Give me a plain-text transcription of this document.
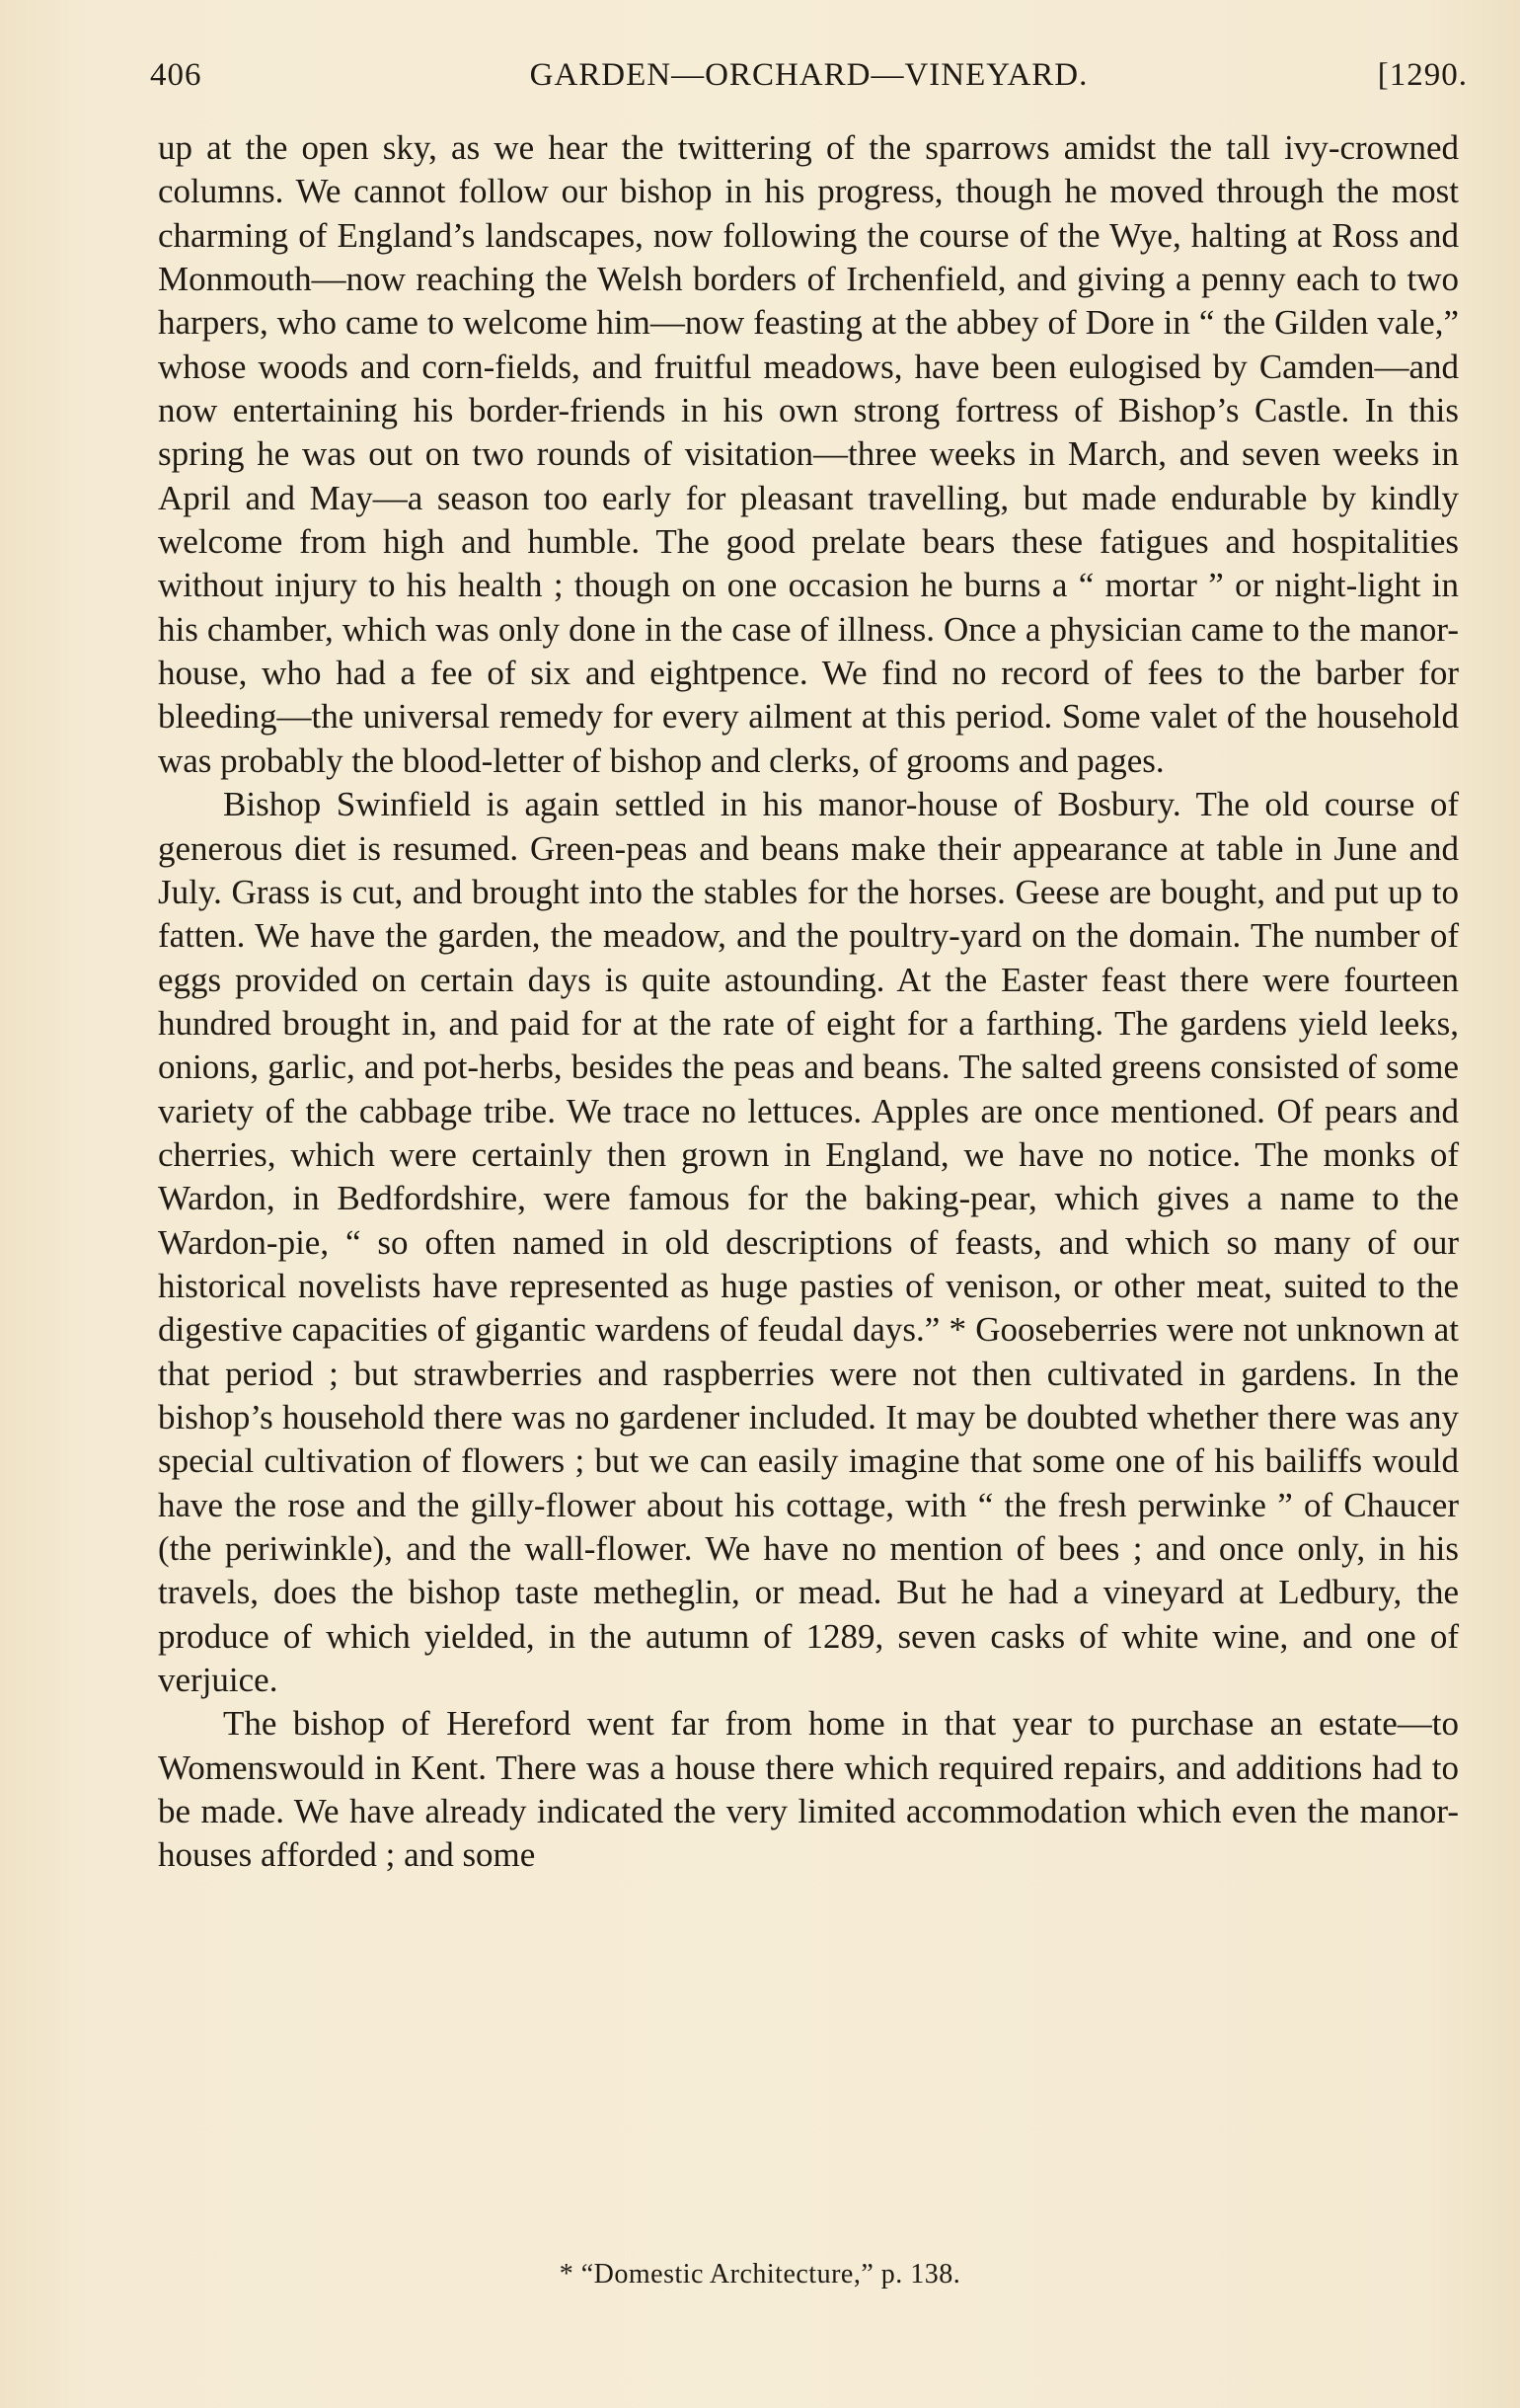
406	GARDEN—ORCHARD—VINEYARD.	[1290.

up at the open sky, as we hear the twittering of the sparrows amidst the tall ivy-crowned columns. We cannot follow our bishop in his progress, though he moved through the most charming of England’s landscapes, now following the course of the Wye, halting at Ross and Monmouth—now reaching the Welsh borders of Irchenfield, and giving a penny each to two harpers, who came to welcome him—now feasting at the abbey of Dore in “ the Gilden vale,” whose woods and corn-fields, and fruitful meadows, have been eulogised by Camden—and now entertaining his border-friends in his own strong fortress of Bishop’s Castle. In this spring he was out on two rounds of visitation—three weeks in March, and seven weeks in April and May—a season too early for pleasant travelling, but made endurable by kindly welcome from high and humble. The good prelate bears these fatigues and hospitalities without injury to his health ; though on one occasion he burns a “ mortar ” or night-light in his chamber, which was only done in the case of illness. Once a physician came to the manor-house, who had a fee of six and eightpence. We find no record of fees to the barber for bleeding—the universal remedy for every ailment at this period. Some valet of the household was probably the blood-letter of bishop and clerks, of grooms and pages.

Bishop Swinfield is again settled in his manor-house of Bosbury. The old course of generous diet is resumed. Green-peas and beans make their appearance at table in June and July. Grass is cut, and brought into the stables for the horses. Geese are bought, and put up to fatten. We have the garden, the meadow, and the poultry-yard on the domain. The number of eggs provided on certain days is quite astounding. At the Easter feast there were fourteen hundred brought in, and paid for at the rate of eight for a farthing. The gardens yield leeks, onions, garlic, and pot-herbs, besides the peas and beans. The salted greens consisted of some variety of the cabbage tribe. We trace no lettuces. Apples are once mentioned. Of pears and cherries, which were certainly then grown in England, we have no notice. The monks of Wardon, in Bedfordshire, were famous for the baking-pear, which gives a name to the Wardon-pie, “ so often named in old descriptions of feasts, and which so many of our historical novelists have represented as huge pasties of venison, or other meat, suited to the digestive capacities of gigantic wardens of feudal days.” * Gooseberries were not unknown at that period ; but strawberries and raspberries were not then cultivated in gardens. In the bishop’s household there was no gardener included. It may be doubted whether there was any special cultivation of flowers ; but we can easily imagine that some one of his bailiffs would have the rose and the gilly-flower about his cottage, with “ the fresh perwinke ” of Chaucer (the periwinkle), and the wall-flower. We have no mention of bees ; and once only, in his travels, does the bishop taste metheglin, or mead. But he had a vineyard at Ledbury, the produce of which yielded, in the autumn of 1289, seven casks of white wine, and one of verjuice.

The bishop of Hereford went far from home in that year to purchase an estate—to Womenswould in Kent. There was a house there which required repairs, and additions had to be made. We have already indicated the very limited accommodation which even the manor-houses afforded ; and some

* “Domestic Architecture,” p. 138.
